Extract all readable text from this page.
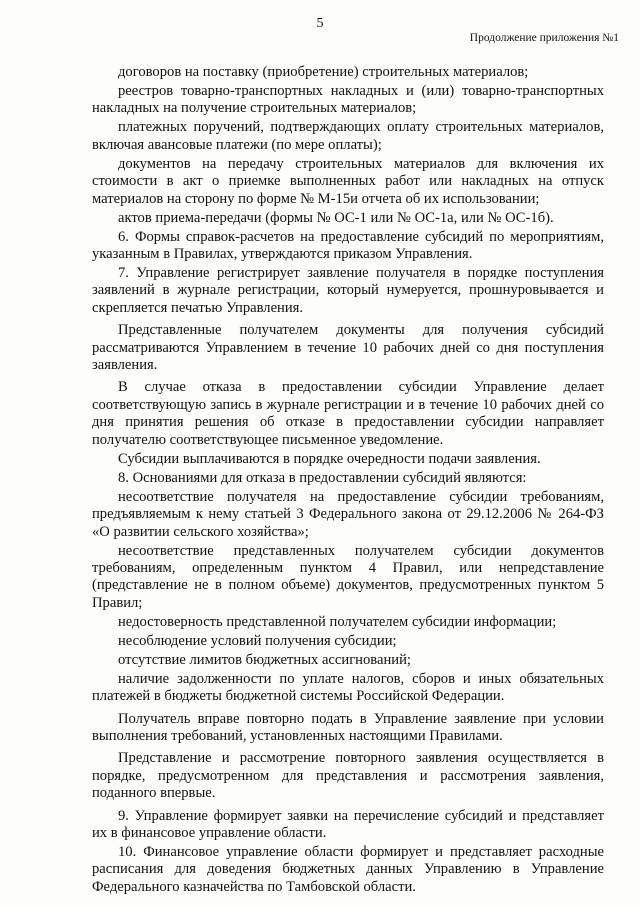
5
Продолжение приложения №1

договоров на поставку (приобретение) строительных материалов;

реестров товарно-транспортных накладных и (или) товарно-транспортных накладных на получение строительных материалов;

платежных поручений, подтверждающих оплату строительных материалов, включая авансовые платежи (по мере оплаты);

документов на передачу строительных материалов для включения их стоимости в акт о приемке выполненных работ или накладных на отпуск материалов на сторону по форме № М-15и отчета об их использовании;

актов приема-передачи (формы № ОС-1 или № ОС-1а, или № ОС-1б).

6. Формы справок-расчетов на предоставление субсидий по мероприятиям, указанным в Правилах, утверждаются приказом Управления.

7. Управление регистрирует заявление получателя в порядке поступления заявлений в журнале регистрации, который нумеруется, прошнуровывается и скрепляется печатью Управления.

Представленные получателем документы для получения субсидий рассматриваются Управлением в течение 10 рабочих дней со дня поступления заявления.

В случае отказа в предоставлении субсидии Управление делает соответствующую запись в журнале регистрации и в течение 10 рабочих дней со дня принятия решения об отказе в предоставлении субсидии направляет получателю соответствующее письменное уведомление.

Субсидии выплачиваются в порядке очередности подачи заявления.

8. Основаниями для отказа в предоставлении субсидий являются:

несоответствие получателя на предоставление субсидии требованиям, предъявляемым к нему статьей 3 Федерального закона от 29.12.2006 № 264-ФЗ «О развитии сельского хозяйства»;

несоответствие представленных получателем субсидии документов требованиям, определенным пунктом 4 Правил, или непредставление (представление не в полном объеме) документов, предусмотренных пунктом 5 Правил;

недостоверность представленной получателем субсидии информации;

несоблюдение условий получения субсидии;

отсутствие лимитов бюджетных ассигнований;

наличие задолженности по уплате налогов, сборов и иных обязательных платежей в бюджеты бюджетной системы Российской Федерации.

Получатель вправе повторно подать в Управление заявление при условии выполнения требований, установленных настоящими Правилами.

Представление и рассмотрение повторного заявления осуществляется в порядке, предусмотренном для представления и рассмотрения заявления, поданного впервые.

9. Управление формирует заявки на перечисление субсидий и представляет их в финансовое управление области.

10. Финансовое управление области формирует и представляет расходные расписания для доведения бюджетных данных Управлению в Управление Федерального казначейства по Тамбовской области.
